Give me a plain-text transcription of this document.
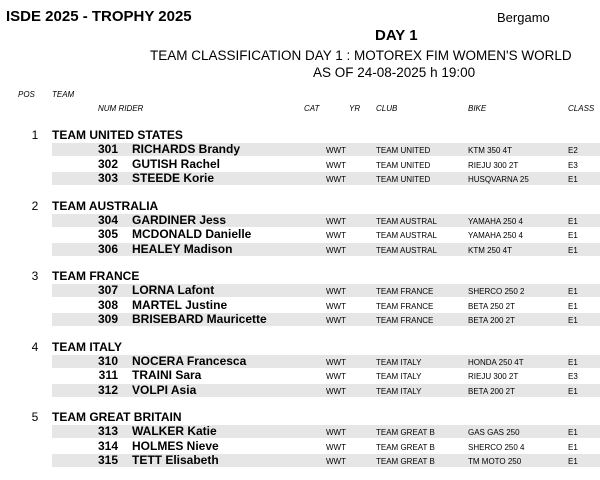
ISDE 2025 - TROPHY 2025	Bergamo
DAY 1
TEAM CLASSIFICATION DAY 1 : MOTOREX FIM WOMEN'S WORLD
AS OF 24-08-2025 h 19:00
POS TEAM
NUM RIDER	CAT	YR CLUB	BIKE	CLASS
1	TEAM UNITED STATES
301 RICHARDS Brandy	WWT	TEAM UNITED	KTM 350 4T	E2
302 GUTISH Rachel	WWT	TEAM UNITED	RIEJU 300 2T	E3
303 STEEDE Korie	WWT	TEAM UNITED	HUSQVARNA 25	E1
2	TEAM AUSTRALIA
304 GARDINER Jess	WWT	TEAM AUSTRAL	YAMAHA 250 4	E1
305 MCDONALD Danielle	WWT	TEAM AUSTRAL	YAMAHA 250 4	E1
306 HEALEY Madison	WWT	TEAM AUSTRAL	KTM 250 4T	E1
3	TEAM FRANCE
307 LORNA Lafont	WWT	TEAM FRANCE	SHERCO 250 2	E1
308 MARTEL Justine	WWT	TEAM FRANCE	BETA 250 2T	E1
309 BRISEBARD Mauricette	WWT	TEAM FRANCE	BETA 200 2T	E1
4	TEAM ITALY
310 NOCERA Francesca	WWT	TEAM ITALY	HONDA 250 4T	E1
311 TRAINI Sara	WWT	TEAM ITALY	RIEJU 300 2T	E3
312 VOLPI Asia	WWT	TEAM ITALY	BETA 200 2T	E1
5	TEAM GREAT BRITAIN
313 WALKER Katie	WWT	TEAM GREAT B	GAS GAS 250	E1
314 HOLMES Nieve	WWT	TEAM GREAT B	SHERCO 250 4	E1
315 TETT Elisabeth	WWT	TEAM GREAT B	TM MOTO 250	E1
